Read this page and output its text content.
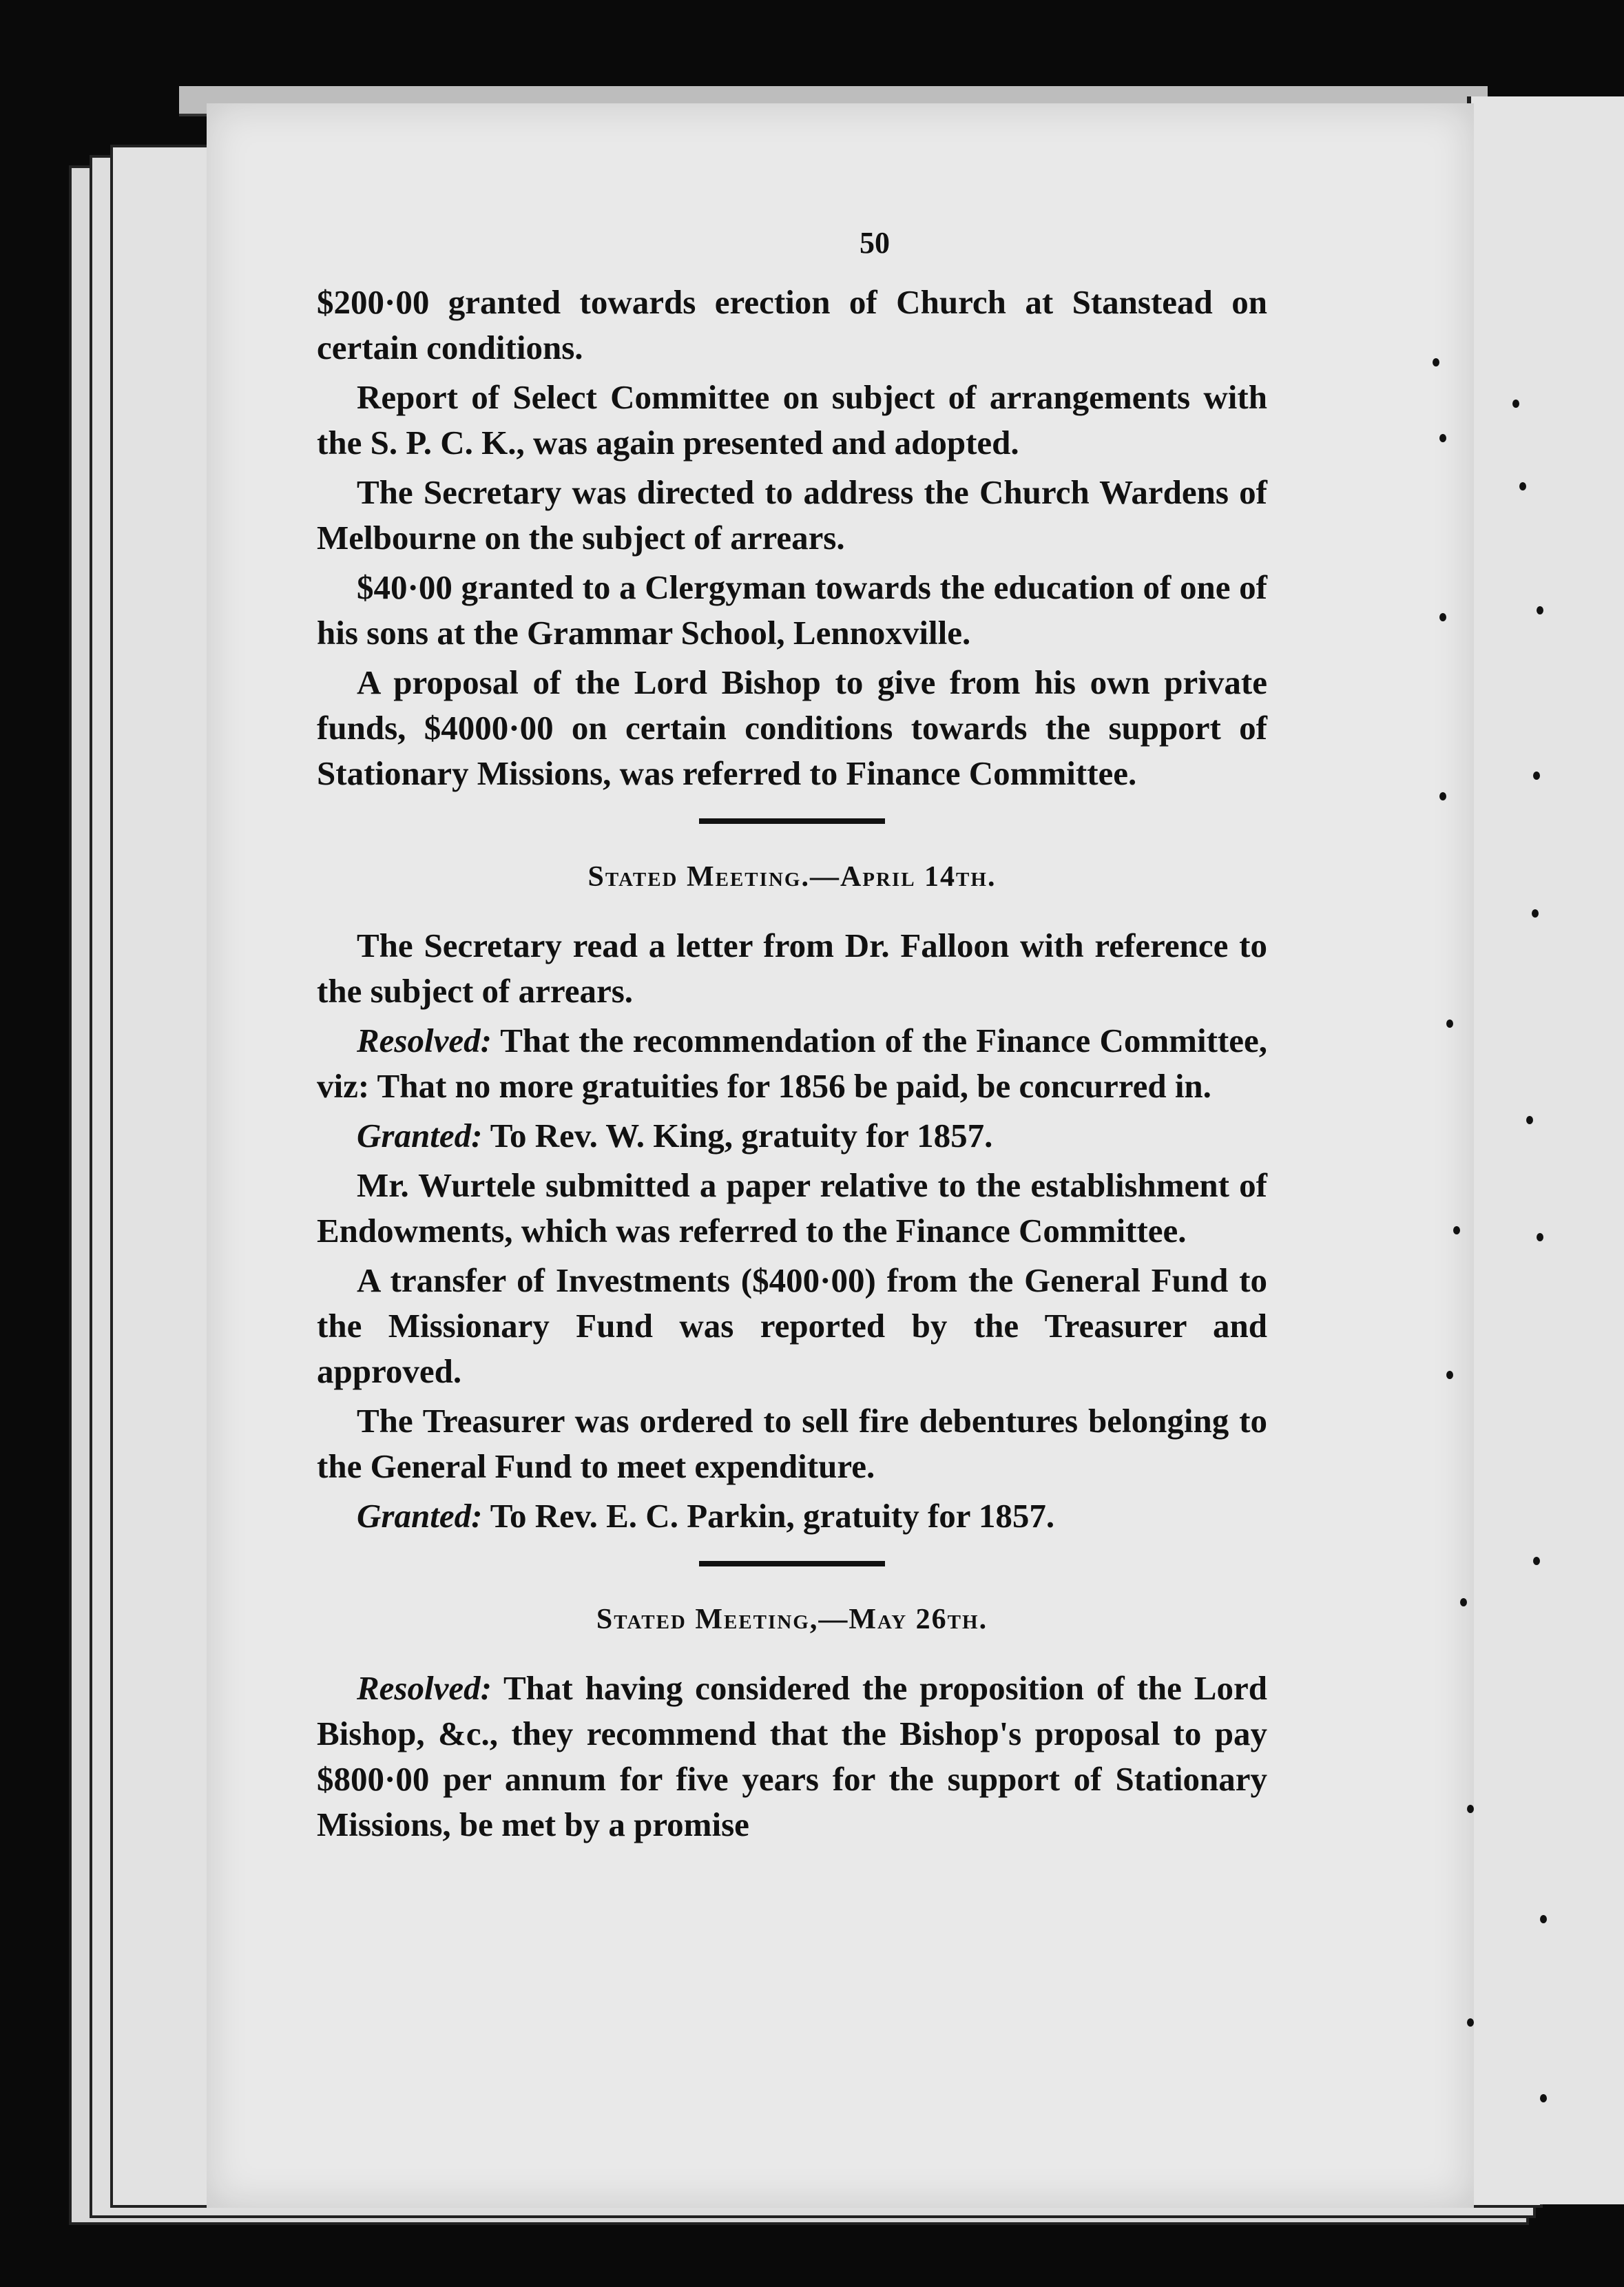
50

$200·00 granted towards erection of Church at Stanstead on certain conditions.

Report of Select Committee on subject of arrangements with the S. P. C. K., was again presented and adopted.

The Secretary was directed to address the Church Wardens of Melbourne on the subject of arrears.

$40·00 granted to a Clergyman towards the education of one of his sons at the Grammar School, Lennoxville.

A proposal of the Lord Bishop to give from his own private funds, $4000·00 on certain conditions towards the support of Stationary Missions, was referred to Finance Committee.

Stated Meeting.—April 14th.

The Secretary read a letter from Dr. Falloon with reference to the subject of arrears.

Resolved: That the recommendation of the Finance Committee, viz: That no more gratuities for 1856 be paid, be concurred in.

Granted: To Rev. W. King, gratuity for 1857.

Mr. Wurtele submitted a paper relative to the establishment of Endowments, which was referred to the Finance Committee.

A transfer of Investments ($400·00) from the General Fund to the Missionary Fund was reported by the Treasurer and approved.

The Treasurer was ordered to sell fire debentures belonging to the General Fund to meet expenditure.

Granted: To Rev. E. C. Parkin, gratuity for 1857.

Stated Meeting,—May 26th.

Resolved: That having considered the proposition of the Lord Bishop, &c., they recommend that the Bishop's proposal to pay $800·00 per annum for five years for the support of Stationary Missions, be met by a promise
